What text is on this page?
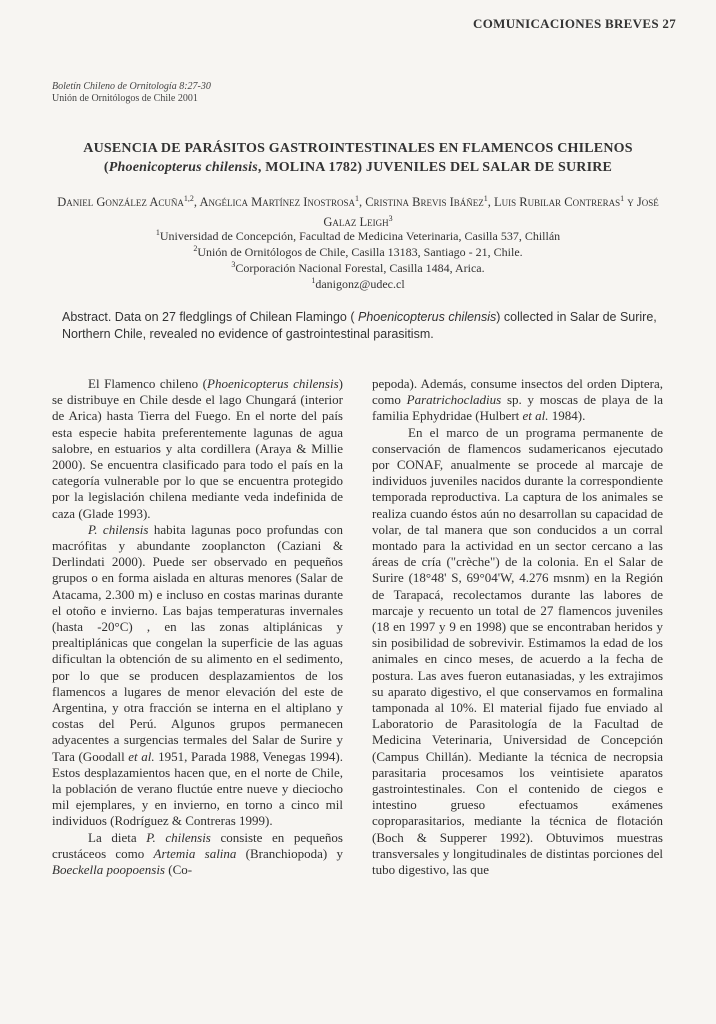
COMUNICACIONES BREVES 27
Boletín Chileno de Ornitología 8:27-30
Unión de Ornitólogos de Chile 2001
AUSENCIA DE PARÁSITOS GASTROINTESTINALES EN FLAMENCOS CHILENOS
(Phoenicopterus chilensis, MOLINA 1782) JUVENILES DEL SALAR DE SURIRE
Daniel González Acuña$^{1,2}$, Angélica Martínez Inostrosa$^1$, Cristina Brevis Ibáñez$^1$, Luis Rubilar Contreras$^1$ y José Galaz Leigh$^3$
$^1$Universidad de Concepción, Facultad de Medicina Veterinaria, Casilla 537, Chillán
$^2$Unión de Ornitólogos de Chile, Casilla 13183, Santiago - 21, Chile.
$^3$Corporación Nacional Forestal, Casilla 1484, Arica.
$^1$danigonz@udec.cl
Abstract. Data on 27 fledglings of Chilean Flamingo ( Phoenicopterus chilensis) collected in Salar de Surire, Northern Chile, revealed no evidence of gastrointestinal parasitism.

El Flamenco chileno (Phoenicopterus chilensis) se distribuye en Chile desde el lago Chungará (interior de Arica) hasta Tierra del Fuego. En el norte del país esta especie habita preferentemente lagunas de agua salobre, en estuarios y alta cordillera (Araya & Millie 2000). Se encuentra clasificado para todo el país en la categoría vulnerable por lo que se encuentra protegido por la legislación chilena mediante veda indefinida de caza (Glade 1993).

P. chilensis habita lagunas poco profundas con macrófitas y abundante zooplancton (Caziani & Derlindati 2000). Puede ser observado en pequeños grupos o en forma aislada en alturas menores (Salar de Atacama, 2.300 m) e incluso en costas marinas durante el otoño e invierno. Las bajas temperaturas invernales (hasta -20°C) , en las zonas altiplánicas y prealtiplánicas que congelan la superficie de las aguas dificultan la obtención de su alimento en el sedimento, por lo que se producen desplazamientos de los flamencos a lugares de menor elevación del este de Argentina, y otra fracción se interna en el altiplano y costas del Perú. Algunos grupos permanecen adyacentes a surgencias termales del Salar de Surire y Tara (Goodall et al. 1951, Parada 1988, Venegas 1994). Estos desplazamientos hacen que, en el norte de Chile, la población de verano fluctúe entre nueve y dieciocho mil ejemplares, y en invierno, en torno a cinco mil individuos (Rodríguez & Contreras 1999).

La dieta P. chilensis consiste en pequeños crustáceos como Artemia salina (Branchiopoda) y Boeckella poopoensis (Co-

pepoda). Además, consume insectos del orden Diptera, como Paratrichocladius sp. y moscas de playa de la familia Ephydridae (Hulbert et al. 1984).

En el marco de un programa permanente de conservación de flamencos sudamericanos ejecutado por CONAF, anualmente se procede al marcaje de individuos juveniles nacidos durante la correspondiente temporada reproductiva. La captura de los animales se realiza cuando éstos aún no desarrollan su capacidad de volar, de tal manera que son conducidos a un corral montado para la actividad en un sector cercano a las áreas de cría ("crèche") de la colonia. En el Salar de Surire (18°48' S, 69°04'W, 4.276 msnm) en la Región de Tarapacá, recolectamos durante las labores de marcaje y recuento un total de 27 flamencos juveniles (18 en 1997 y 9 en 1998) que se encontraban heridos y sin posibilidad de sobrevivir. Estimamos la edad de los animales en cinco meses, de acuerdo a la fecha de postura. Las aves fueron eutanasiadas, y les extrajimos su aparato digestivo, el que conservamos en formalina tamponada al 10%. El material fijado fue enviado al Laboratorio de Parasitología de la Facultad de Medicina Veterinaria, Universidad de Concepción (Campus Chillán). Mediante la técnica de necropsia parasitaria procesamos los veintisiete aparatos gastrointestinales. Con el contenido de ciegos e intestino grueso efectuamos exámenes coproparasitarios, mediante la técnica de flotación (Boch & Supperer 1992). Obtuvimos muestras transversales y longitudinales de distintas porciones del tubo digestivo, las que
